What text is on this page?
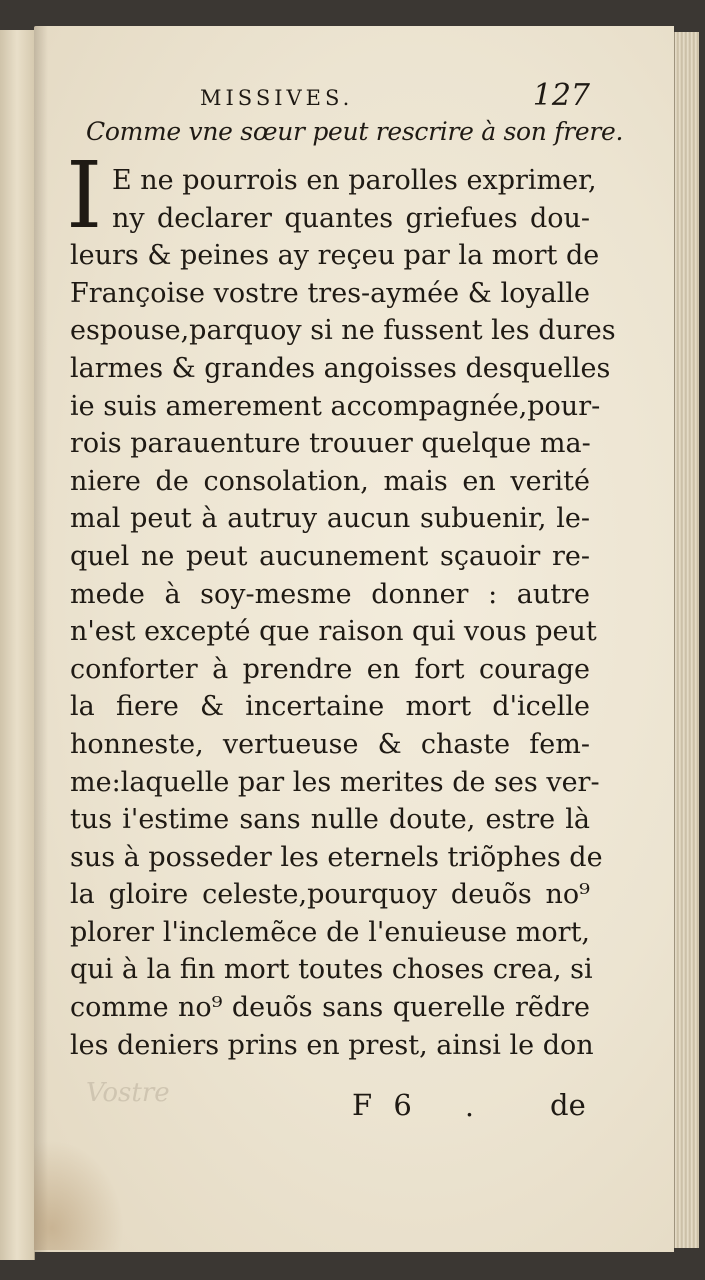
MISSIVES.	127
Comme vne sœur peut rescrire à son frere.
I E ne pourrois en parolles exprimer,
ny declarer quantes griefues dou-
leurs & peines ay reçeu par la mort de
Françoise vostre tres-aymée & loyalle
espouse,parquoy si ne fussent les dures
larmes & grandes angoisses desquelles
ie suis amerement accompagnée,pour-
rois parauenture trouuer quelque ma-
niere de consolation, mais en verité
mal peut à autruy aucun subuenir, le-
quel ne peut aucunement sçauoir re-
mede à soy-mesme donner : autre
n'est excepté que raison qui vous peut
conforter à prendre en fort courage
la fiere & incertaine mort d'icelle
honneste, vertueuse & chaste fem-
me:laquelle par les merites de ses ver-
tus i'estime sans nulle doute, estre là
sus à posseder les eternels triõphes de
la gloire celeste,pourquoy deuõs no⁹
plorer l'inclemẽce de l'enuieuse mort,
qui à la fin mort toutes choses crea, si
comme no⁹ deuõs sans querelle rẽdre
les deniers prins en prest, ainsi le don
Vostre	F 6 .	de
